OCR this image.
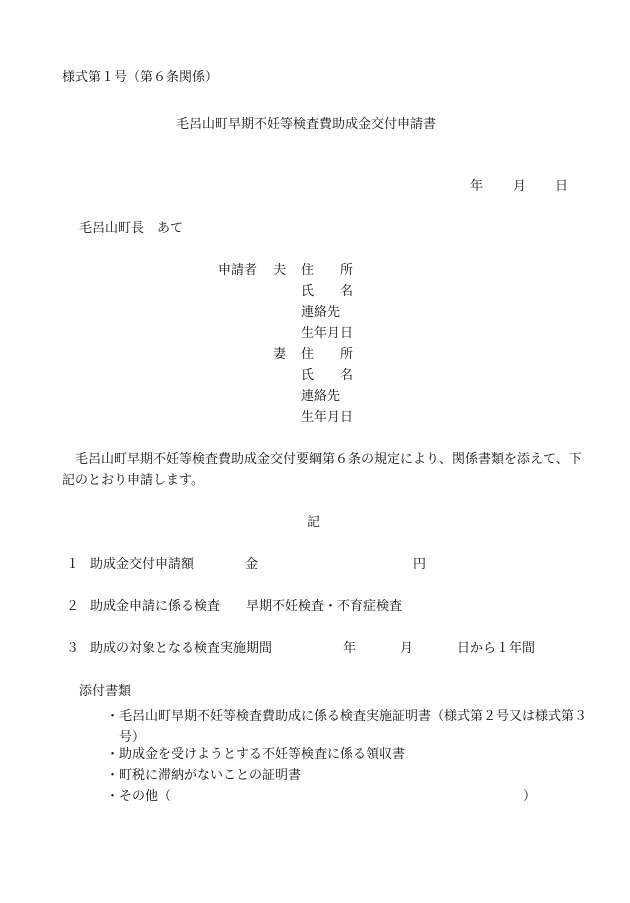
様式第１号（第６条関係）
毛呂山町早期不妊等検査費助成金交付申請書
年 月 日
毛呂山町長　あて
申請者 夫 住　　所
氏　　名
連絡先
生年月日
妻 住　　所
氏　　名
連絡先
生年月日
毛呂山町早期不妊等検査費助成金交付要綱第６条の規定により、関係書類を添えて、下記のとおり申請します。
記
１ 助成金交付申請額	金	円
２ 助成金申請に係る検査 早期不妊検査・不育症検査
３ 助成の対象となる検査実施期間	年	月	日から１年間
添付書類
・毛呂山町早期不妊等検査費助成に係る検査実施証明書（様式第２号又は様式第３号）
・助成金を受けようとする不妊等検査に係る領収書
・町税に滞納がないことの証明書
・その他（	）
